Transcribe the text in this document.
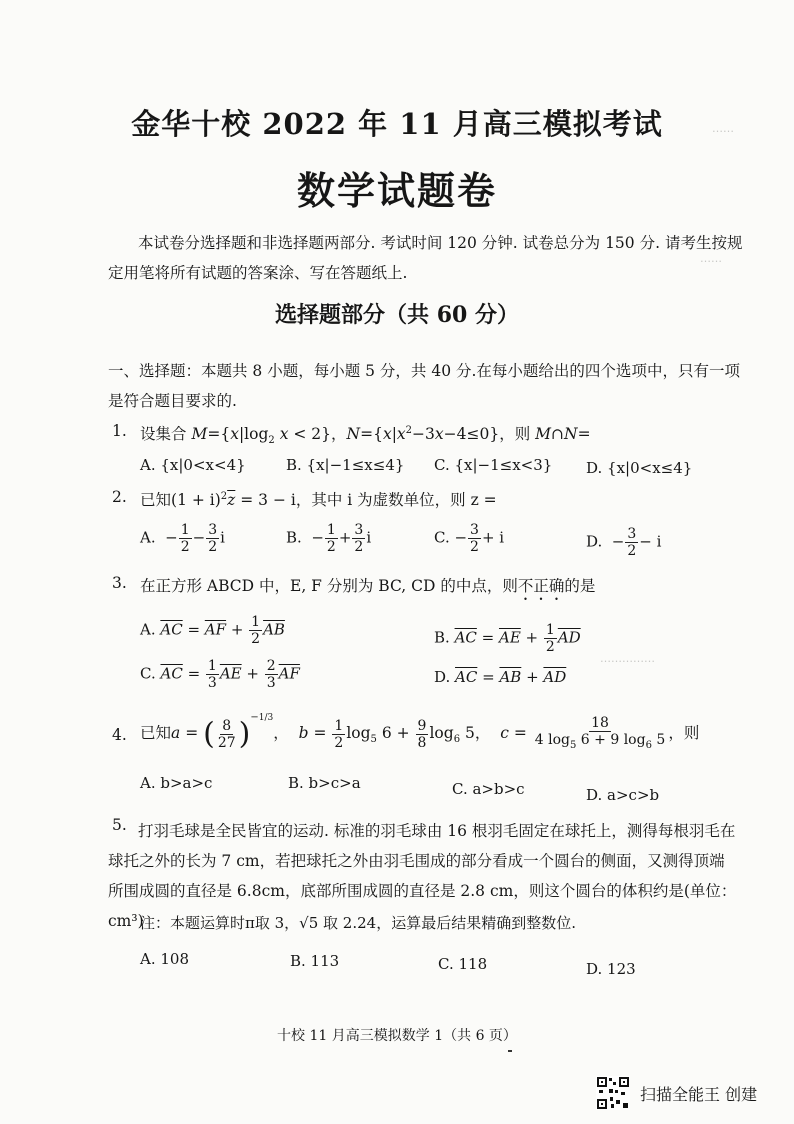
金华十校 2022 年 11 月高三模拟考试
数学试题卷
本试卷分选择题和非选择题两部分. 考试时间 120 分钟. 试卷总分为 150 分. 请考生按规定用笔将所有试题的答案涂、写在答题纸上.
选择题部分（共 60 分）
一、选择题：本题共 8 小题，每小题 5 分，共 40 分.在每小题给出的四个选项中，只有一项是符合题目要求的.
……
……
……………
1. 设集合 $M=\{x|\log_2$ x < 2}，$N=\{x|x^2-3x-4\le 0\}$，则 M∩N=
A. {x|0<x<4}	B. {x|−1≤x≤4} C. {x|−1≤x<3} D. {x|0<x≤4}
2. 已知$(1 + i)^2\overline{z} = 3 - i$，其中 i 为虚数单位，则 z =
A.  − $\frac{1}{2} - \frac{3}{2}$ i	B.  − $\frac{1}{2} + \frac{3}{2}$ i	C. − $\frac{3}{2} + i$	D.  − $\frac{3}{2} - i$
3. 在正方形 ABCD 中，E, F 分别为 BC, CD 的中点，则不正确的是
A. $\overline{AC} = \overline{AF} + \frac{1}{2} \overline{AB}$	B. $\overline{AC} = \overline{AE} + \frac{1}{2} \overline{AD}$
C. $\overline{AC} = \frac{1}{3} \overline{AE} + \frac{2}{3} \overline{AF}$	D. $\overline{AC} = \overline{AB} + \overline{AD}$
4. 已知a = ( $\frac{8}{27} )^{-1/3}$，  $b = \frac{1}{2} \log_5 6 + \frac{9}{8} \log_6 5$，  $c = \frac{18}{4 \log_5 6 + 9 \log_6 5}$ ，则
A. b>a>c	B. b>c>a	C. a>b>c	D. a>c>b
5. 打羽毛球是全民皆宜的运动. 标准的羽毛球由 16 根羽毛固定在球托上，测得每根羽毛在球托之外的长为 7 cm，若把球托之外由羽毛围成的部分看成一个圆台的侧面，又测得顶端所围成圆的直径是 6.8cm，底部所围成圆的直径是 2.8 cm，则这个圆台的体积约是(单位：cm³)
注：本题运算时π取 3，√5 取 2.24，运算最后结果精确到整数位.
A. 108	B. 113	C. 118	D. 123
十校 11 月高三模拟数学 1（共 6 页）
扫描全能王 创建
